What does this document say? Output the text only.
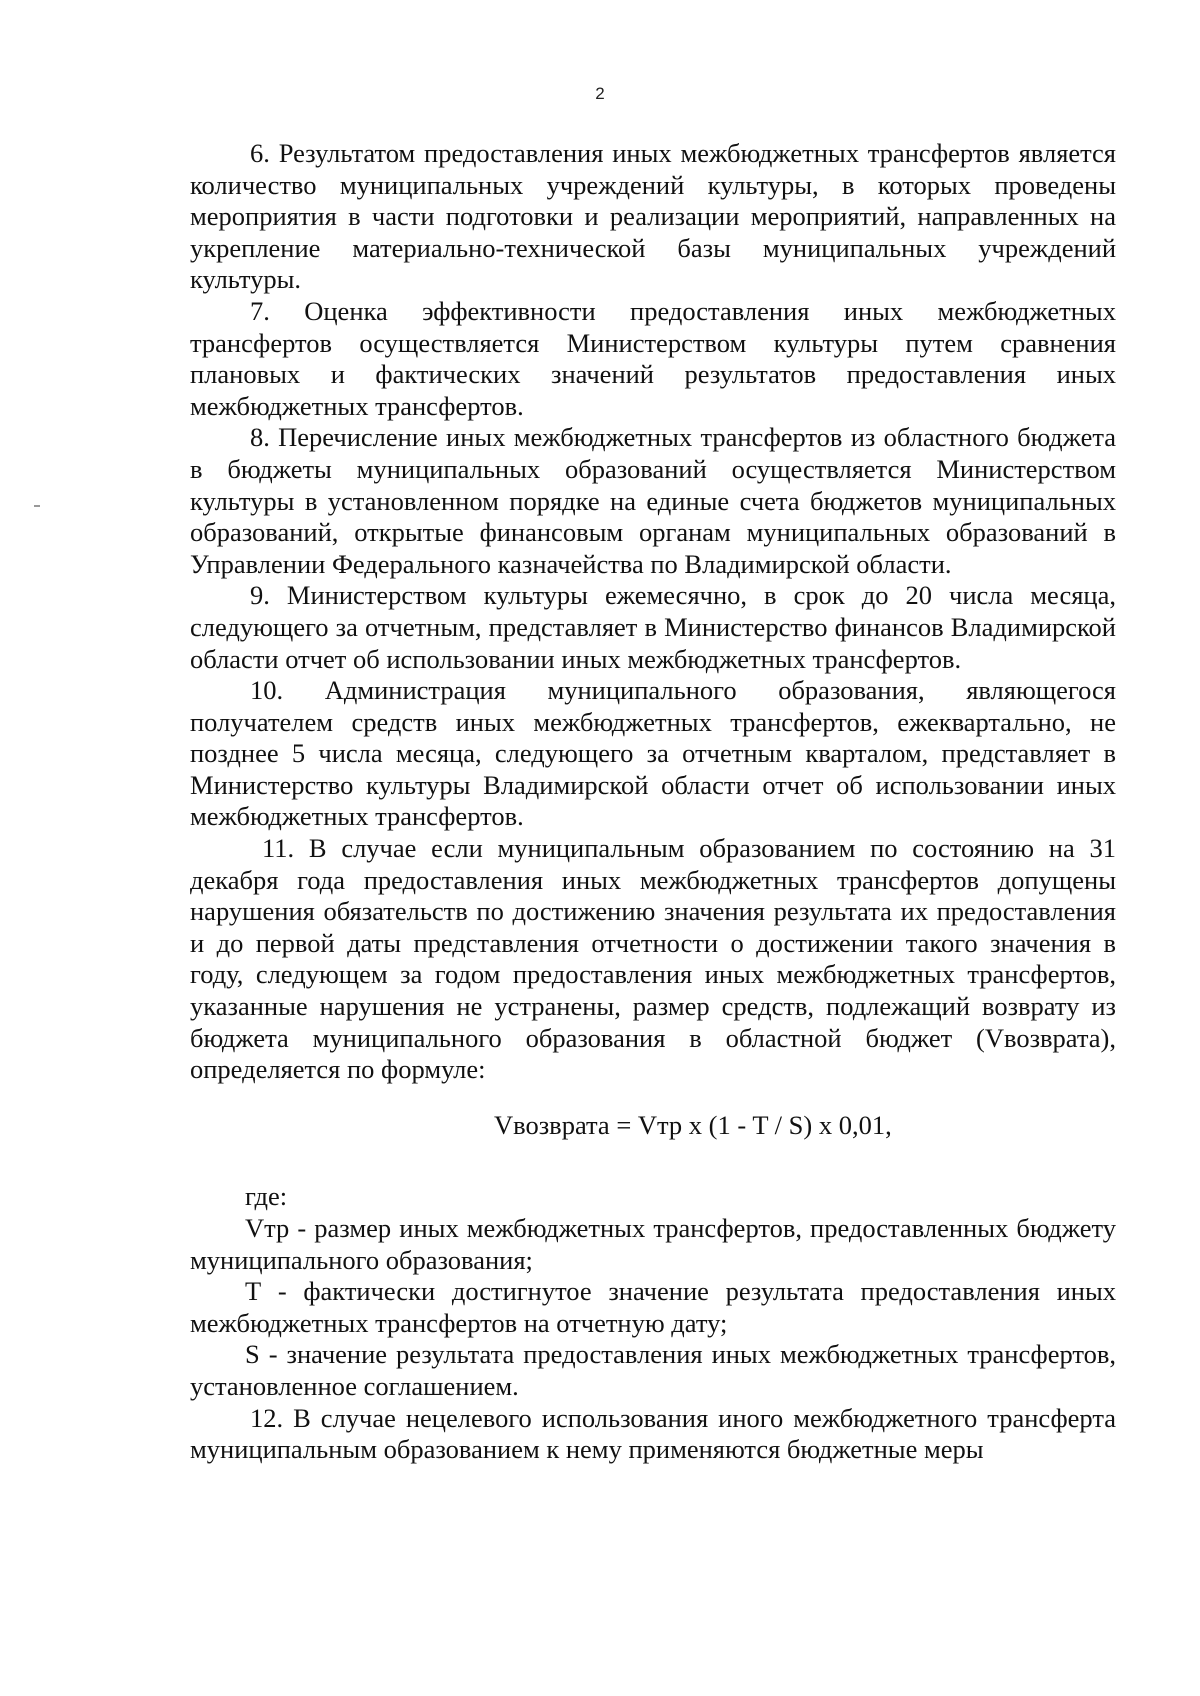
2

6. Результатом предоставления иных межбюджетных трансфертов является количество муниципальных учреждений культуры, в которых проведены мероприятия в части подготовки и реализации мероприятий, направленных на укрепление материально-технической базы муниципальных учреждений культуры.

7. Оценка эффективности предоставления иных межбюджетных трансфертов осуществляется Министерством культуры путем сравнения плановых и фактических значений результатов предоставления иных межбюджетных трансфертов.

8. Перечисление иных межбюджетных трансфертов из областного бюджета в бюджеты муниципальных образований осуществляется Министерством культуры в установленном порядке на единые счета бюджетов муниципальных образований, открытые финансовым органам муниципальных образований в Управлении Федерального казначейства по Владимирской области.

9. Министерством культуры ежемесячно, в срок до 20 числа месяца, следующего за отчетным, представляет в Министерство финансов Владимирской области отчет об использовании иных межбюджетных трансфертов.

10. Администрация муниципального образования, являющегося получателем средств иных межбюджетных трансфертов, ежеквартально, не позднее 5 числа месяца, следующего за отчетным кварталом, представляет в Министерство культуры Владимирской области отчет об использовании иных межбюджетных трансфертов.

11. В случае если муниципальным образованием по состоянию на 31 декабря года предоставления иных межбюджетных трансфертов допущены нарушения обязательств по достижению значения результата их предоставления и до первой даты представления отчетности о достижении такого значения в году, следующем за годом предоставления иных межбюджетных трансфертов, указанные нарушения не устранены, размер средств, подлежащий возврату из бюджета муниципального образования в областной бюджет (Vвозврата), определяется по формуле:

Vвозврата = Vтр x (1 - T / S) x 0,01,

где:

Vтр - размер иных межбюджетных трансфертов, предоставленных бюджету муниципального образования;

Т - фактически достигнутое значение результата предоставления иных межбюджетных трансфертов на отчетную дату;

S - значение результата предоставления иных межбюджетных трансфертов, установленное соглашением.

12. В случае нецелевого использования иного межбюджетного трансферта муниципальным образованием к нему применяются бюджетные меры
